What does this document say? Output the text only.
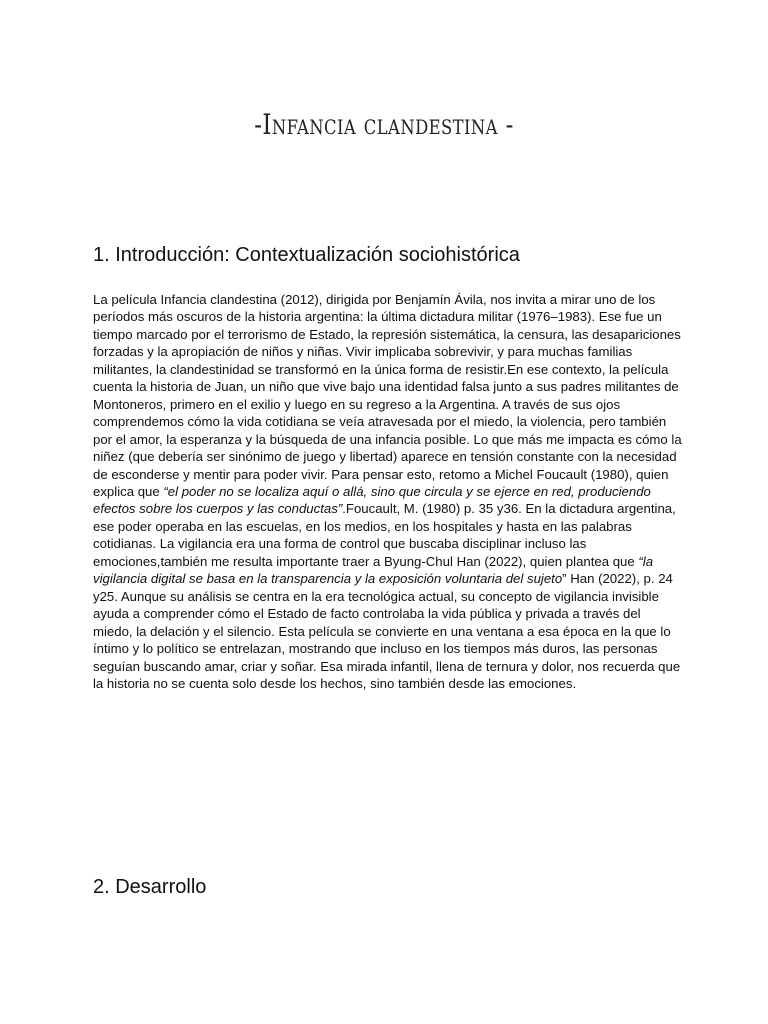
-Infancia clandestina -
1. Introducción: Contextualización sociohistórica

La película Infancia clandestina (2012), dirigida por Benjamín Ávila, nos invita a mirar uno de los períodos más oscuros de la historia argentina: la última dictadura militar (1976–1983). Ese fue un tiempo marcado por el terrorismo de Estado, la represión sistemática, la censura, las desapariciones forzadas y la apropiación de niños y niñas. Vivir implicaba sobrevivir, y para muchas familias militantes, la clandestinidad se transformó en la única forma de resistir.En ese contexto, la película cuenta la historia de Juan, un niño que vive bajo una identidad falsa junto a sus padres militantes de Montoneros, primero en el exilio y luego en su regreso a la Argentina. A través de sus ojos comprendemos cómo la vida cotidiana se veía atravesada por el miedo, la violencia, pero también por el amor, la esperanza y la búsqueda de una infancia posible. Lo que más me impacta es cómo la niñez (que debería ser sinónimo de juego y libertad) aparece en tensión constante con la necesidad de esconderse y mentir para poder vivir. Para pensar esto, retomo a Michel Foucault (1980), quien explica que “el poder no se localiza aquí o allá, sino que circula y se ejerce en red, produciendo efectos sobre los cuerpos y las conductas”.Foucault, M. (1980) p. 35 y36. En la dictadura argentina, ese poder operaba en las escuelas, en los medios, en los hospitales y hasta en las palabras cotidianas. La vigilancia era una forma de control que buscaba disciplinar incluso las emociones,también me resulta importante traer a Byung-Chul Han (2022), quien plantea que “la vigilancia digital se basa en la transparencia y la exposición voluntaria del sujeto” Han (2022), p. 24 y25. Aunque su análisis se centra en la era tecnológica actual, su concepto de vigilancia invisible ayuda a comprender cómo el Estado de facto controlaba la vida pública y privada a través del miedo, la delación y el silencio. Esta película se convierte en una ventana a esa época en la que lo íntimo y lo político se entrelazan, mostrando que incluso en los tiempos más duros, las personas seguían buscando amar, criar y soñar. Esa mirada infantil, llena de ternura y dolor, nos recuerda que la historia no se cuenta solo desde los hechos, sino también desde las emociones.

2. Desarrollo
